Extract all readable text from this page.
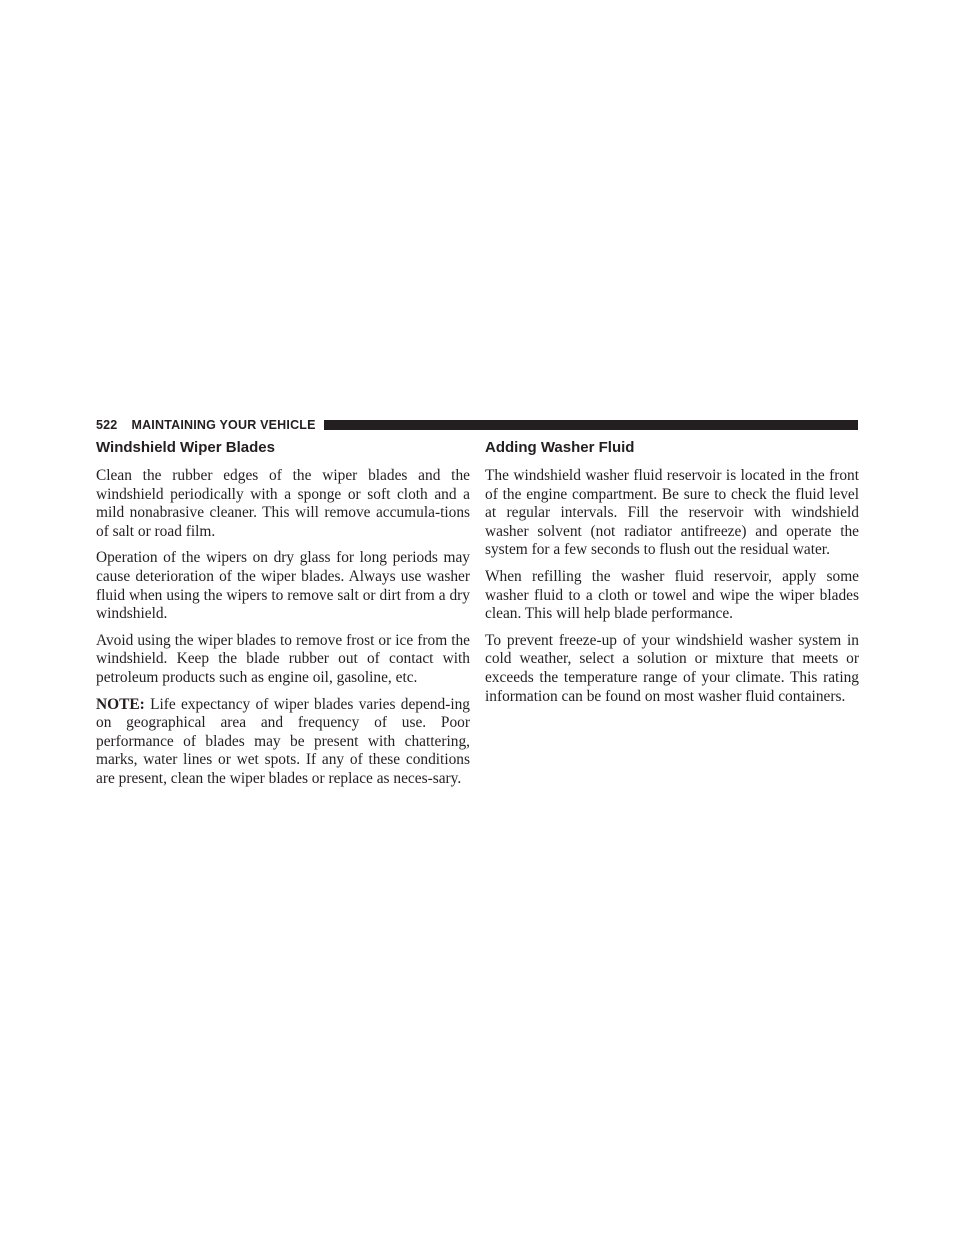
522 MAINTAINING YOUR VEHICLE
Windshield Wiper Blades

Clean the rubber edges of the wiper blades and the windshield periodically with a sponge or soft cloth and a mild nonabrasive cleaner. This will remove accumula-tions of salt or road film.

Operation of the wipers on dry glass for long periods may cause deterioration of the wiper blades. Always use washer fluid when using the wipers to remove salt or dirt from a dry windshield.

Avoid using the wiper blades to remove frost or ice from the windshield. Keep the blade rubber out of contact with petroleum products such as engine oil, gasoline, etc.

NOTE: Life expectancy of wiper blades varies depend-ing on geographical area and frequency of use. Poor performance of blades may be present with chattering, marks, water lines or wet spots. If any of these conditions are present, clean the wiper blades or replace as neces-sary.

Adding Washer Fluid

The windshield washer fluid reservoir is located in the front of the engine compartment. Be sure to check the fluid level at regular intervals. Fill the reservoir with windshield washer solvent (not radiator antifreeze) and operate the system for a few seconds to flush out the residual water.

When refilling the washer fluid reservoir, apply some washer fluid to a cloth or towel and wipe the wiper blades clean. This will help blade performance.

To prevent freeze-up of your windshield washer system in cold weather, select a solution or mixture that meets or exceeds the temperature range of your climate. This rating information can be found on most washer fluid containers.
